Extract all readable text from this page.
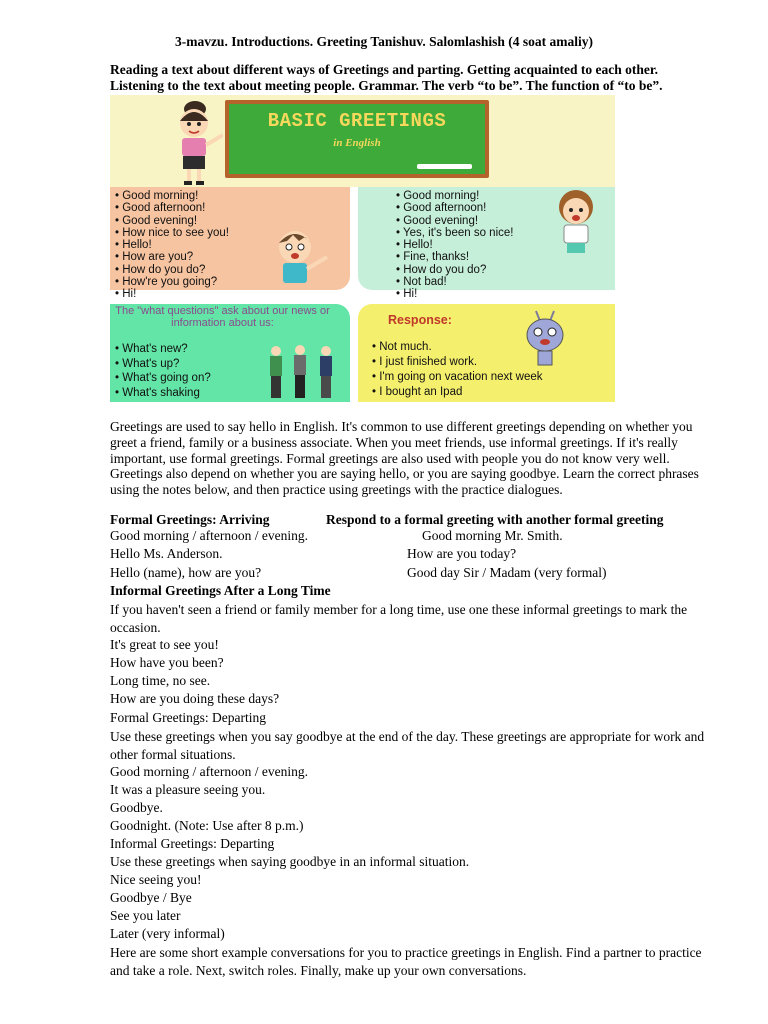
3-mavzu. Introductions. Greeting Tanishuv. Salomlashish (4 soat amaliy)
Reading a text about different ways of Greetings and parting. Getting acquainted to each other. Listening to the text about meeting people. Grammar. The verb “to be”. The function of “to be”.
BASIC GREETINGS
in English
• Good morning!
• Good afternoon!
• Good evening!
• How nice to see you!
• Hello!
• How are you?
• How do you do?
• How're you going?
• Hi!
• Good morning!
• Good afternoon!
• Good evening!
• Yes, it's been so nice!
• Hello!
• Fine, thanks!
• How do you do?
• Not bad!
• Hi!
The "what questions" ask about our news or information about us:
• What's new?
• What's up?
• What's going on?
• What's shaking
Response:
• Not much.
• I just finished work.
• I'm going on vacation next week
• I bought an Ipad
Greetings are used to say hello in English. It's common to use different greetings depending on whether you greet a friend, family or a business associate. When you meet friends, use informal greetings. If it's really important, use formal greetings. Formal greetings are also used with people you do not know very well. Greetings also depend on whether you are saying hello, or you are saying goodbye. Learn the correct phrases using the notes below, and then practice using greetings with the practice dialogues.
Formal Greetings: Arriving	Respond to a formal greeting with another formal greeting
Good morning / afternoon / evening.	Good morning Mr. Smith.
Hello Ms. Anderson.	How are you today?
Hello (name), how are you?	Good day Sir / Madam (very formal)
Informal Greetings After a Long Time
If you haven't seen a friend or family member for a long time, use one these informal greetings to mark the occasion.
It's great to see you!
How have you been?
Long time, no see.
How are you doing these days?
Formal Greetings: Departing
Use these greetings when you say goodbye at the end of the day. These greetings are appropriate for work and other formal situations.
Good morning / afternoon / evening.
It was a pleasure seeing you.
Goodbye.
Goodnight. (Note: Use after 8 p.m.)
Informal Greetings: Departing
Use these greetings when saying goodbye in an informal situation.
Nice seeing you!
Goodbye / Bye
See you later
Later (very informal)
Here are some short example conversations for you to practice greetings in English. Find a partner to practice and take a role. Next, switch roles. Finally, make up your own conversations.
